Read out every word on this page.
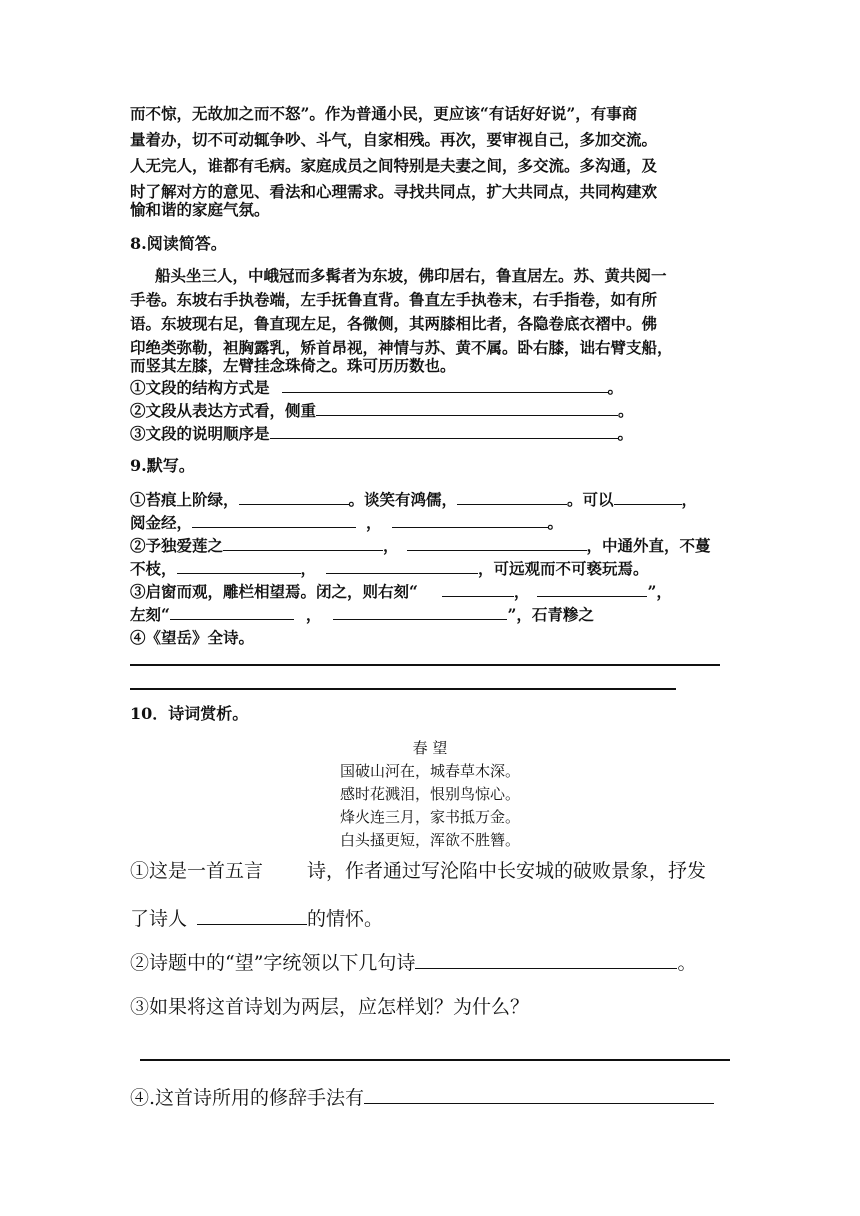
而不惊，无故加之而不怒”。作为普通小民，更应该“有话好好说”，有事商
量着办，切不可动辄争吵、斗气，自家相残。再次，要审视自己，多加交流。
人无完人，谁都有毛病。家庭成员之间特别是夫妻之间，多交流。多沟通，及
时了解对方的意见、看法和心理需求。寻找共同点，扩大共同点，共同构建欢
愉和谐的家庭气氛。
8.阅读简答。
船头坐三人，中峨冠而多髯者为东坡，佛印居右，鲁直居左。苏、黄共阅一
手卷。东坡右手执卷端，左手抚鲁直背。鲁直左手执卷末，右手指卷，如有所
语。东坡现右足，鲁直现左足，各微侧，其两膝相比者，各隐卷底衣褶中。佛
印绝类弥勒，袒胸露乳，矫首昂视，神情与苏、黄不属。卧右膝，诎右臂支船，
而竖其左膝，左臂挂念珠倚之。珠可历历数也。
①文段的结构方式是	。
②文段从表达方式看，侧重	。
③文段的说明顺序是	。
9.默写。
①苔痕上阶绿，	。谈笑有鸿儒，	。可以	，
阅金经，	，	。
②予独爱莲之	，	，中通外直，不蔓
不枝，	，	，可远观而不可亵玩焉。
③启窗而观，雕栏相望焉。闭之，则右刻“	，	”，
左刻“	，	”，石青糁之
④《望岳》全诗。
10．诗词赏析。
春 望
国破山河在，城春草木深。
感时花溅泪，恨别鸟惊心。
烽火连三月，家书抵万金。
白头搔更短，浑欲不胜簪。
①这是一首五言 诗，作者通过写沦陷中长安城的破败景象，抒发
了诗人	的情怀。
②诗题中的“望”字统领以下几句诗	。
③如果将这首诗划为两层，应怎样划？为什么？
④.这首诗所用的修辞手法有
